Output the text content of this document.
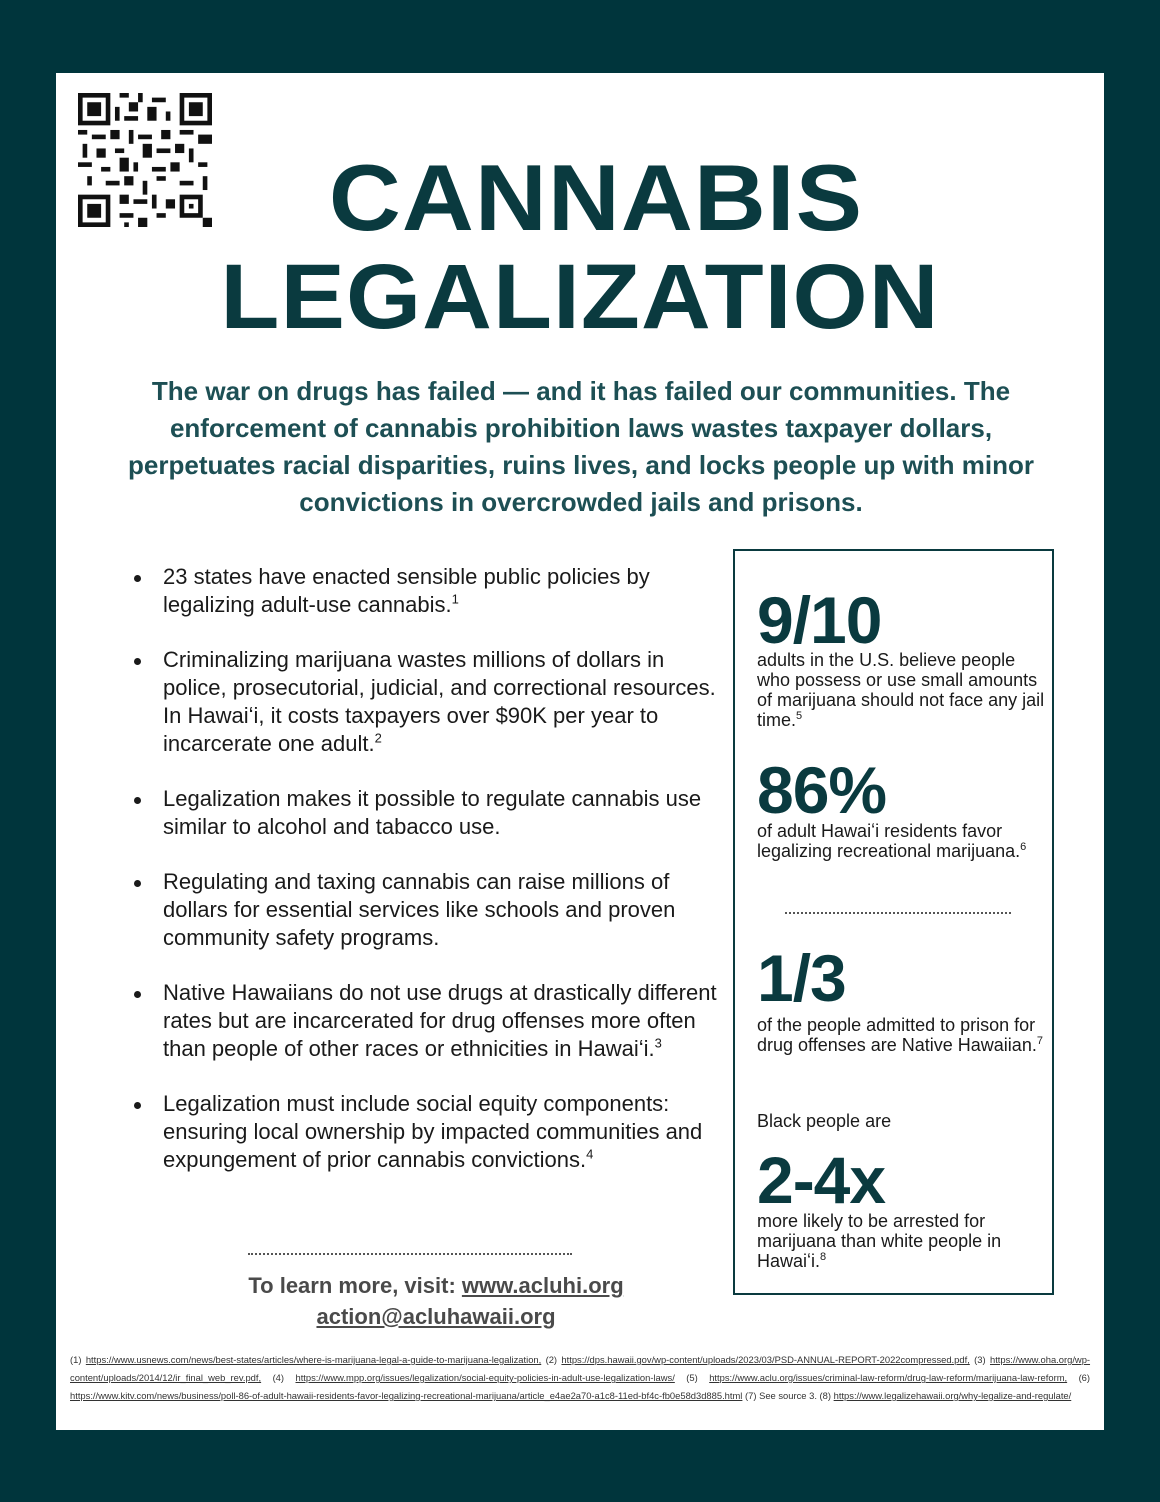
CANNABIS
LEGALIZATION
The war on drugs has failed — and it has failed our communities. The enforcement of cannabis prohibition laws wastes taxpayer dollars, perpetuates racial disparities, ruins lives, and locks people up with minor convictions in overcrowded jails and prisons.
23 states have enacted sensible public policies by legalizing adult-use cannabis.$^1$
Criminalizing marijuana wastes millions of dollars in police, prosecutorial, judicial, and correctional resources. In Hawaiʻi, it costs taxpayers over $90K per year to incarcerate one adult.$^2$
Legalization makes it possible to regulate cannabis use similar to alcohol and tabacco use.
Regulating and taxing cannabis can raise millions of dollars for essential services like schools and proven community safety programs.
Native Hawaiians do not use drugs at drastically different rates but are incarcerated for drug offenses more often than people of other races or ethnicities in Hawaiʻi.$^3$
Legalization must include social equity components: ensuring local ownership by impacted communities and expungement of prior cannabis convictions.$^4$
To learn more, visit: www.acluhi.org
action@acluhawaii.org
9/10
adults in the U.S. believe people who possess or use small amounts of marijuana should not face any jail time.$^5$
86%
of adult Hawaiʻi residents favor legalizing recreational marijuana.$^6$
1/3
of the people admitted to prison for drug offenses are Native Hawaiian.$^7$
Black people are
2-4x
more likely to be arrested for marijuana than white people in Hawaiʻi.$^8$
(1) https://www.usnews.com/news/best-states/articles/where-is-marijuana-legal-a-guide-to-marijuana-legalization, (2) https://dps.hawaii.gov/wp-content/uploads/2023/03/PSD-ANNUAL-REPORT-2022compressed.pdf, (3) https://www.oha.org/wp-content/uploads/2014/12/ir_final_web_rev.pdf, (4) https://www.mpp.org/issues/legalization/social-equity-policies-in-adult-use-legalization-laws/ (5) https://www.aclu.org/issues/criminal-law-reform/drug-law-reform/marijuana-law-reform, (6) https://www.kitv.com/news/business/poll-86-of-adult-hawaii-residents-favor-legalizing-recreational-marijuana/article_e4ae2a70-a1c8-11ed-bf4c-fb0e58d3d885.html (7) See source 3. (8) https://www.legalizehawaii.org/why-legalize-and-regulate/
